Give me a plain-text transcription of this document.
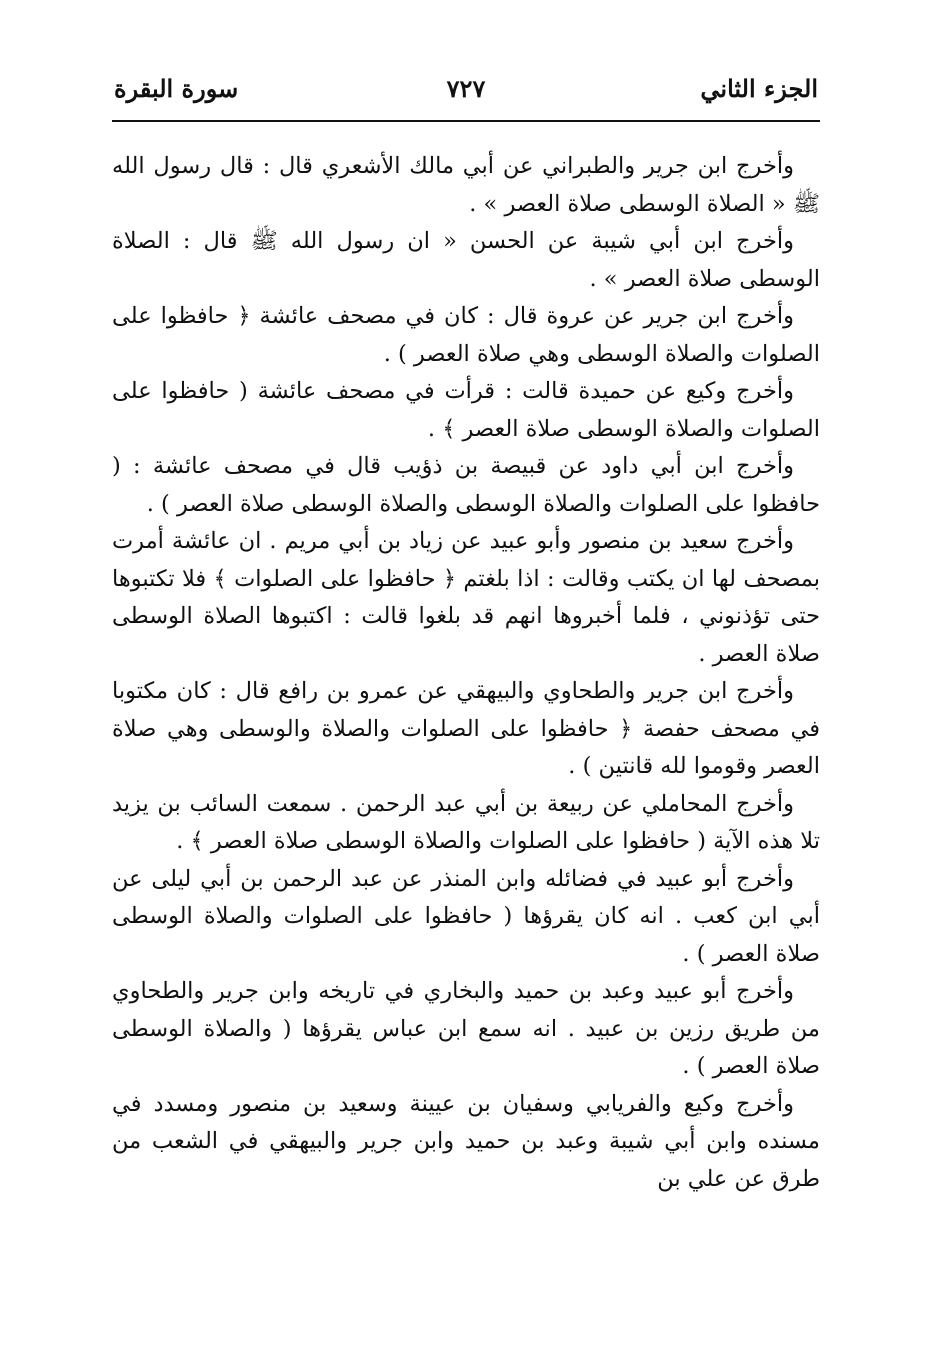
الجزء الثاني
٧٢٧
سورة البقرة

وأخرج ابن جرير والطبراني عن أبي مالك الأشعري قال : قال رسول الله ﷺ « الصلاة الوسطى صلاة العصر » .

وأخرج ابن أبي شيبة عن الحسن « ان رسول الله ﷺ قال : الصلاة الوسطى صلاة العصر » .

وأخرج ابن جرير عن عروة قال : كان في مصحف عائشة ﴿ حافظوا على الصلوات والصلاة الوسطى وهي صلاة العصر ) .

وأخرج وكيع عن حميدة قالت : قرأت في مصحف عائشة ( حافظوا على الصلوات والصلاة الوسطى صلاة العصر ﴾ .

وأخرج ابن أبي داود عن قبيصة بن ذؤيب قال في مصحف عائشة : ( حافظوا على الصلوات والصلاة الوسطى والصلاة الوسطى صلاة العصر ) .

وأخرج سعيد بن منصور وأبو عبيد عن زياد بن أبي مريم . ان عائشة أمرت بمصحف لها ان يكتب وقالت : اذا بلغتم ﴿ حافظوا على الصلوات ﴾ فلا تكتبوها حتى تؤذنوني ، فلما أخبروها انهم قد بلغوا قالت : اكتبوها الصلاة الوسطى صلاة العصر .

وأخرج ابن جرير والطحاوي والبيهقي عن عمرو بن رافع قال : كان مكتوبا في مصحف حفصة ﴿ حافظوا على الصلوات والصلاة والوسطى وهي صلاة العصر وقوموا لله قانتين ) .

وأخرج المحاملي عن ربيعة بن أبي عبد الرحمن . سمعت السائب بن يزيد تلا هذه الآية ( حافظوا على الصلوات والصلاة الوسطى صلاة العصر ﴾ .

وأخرج أبو عبيد في فضائله وابن المنذر عن عبد الرحمن بن أبي ليلى عن أبي ابن كعب . انه كان يقرؤها ( حافظوا على الصلوات والصلاة الوسطى صلاة العصر ) .

وأخرج أبو عبيد وعبد بن حميد والبخاري في تاريخه وابن جرير والطحاوي من طريق رزين بن عبيد . انه سمع ابن عباس يقرؤها ( والصلاة الوسطى صلاة العصر ) .

وأخرج وكيع والفريابي وسفيان بن عيينة وسعيد بن منصور ومسدد في مسنده وابن أبي شيبة وعبد بن حميد وابن جرير والبيهقي في الشعب من طرق عن علي بن
